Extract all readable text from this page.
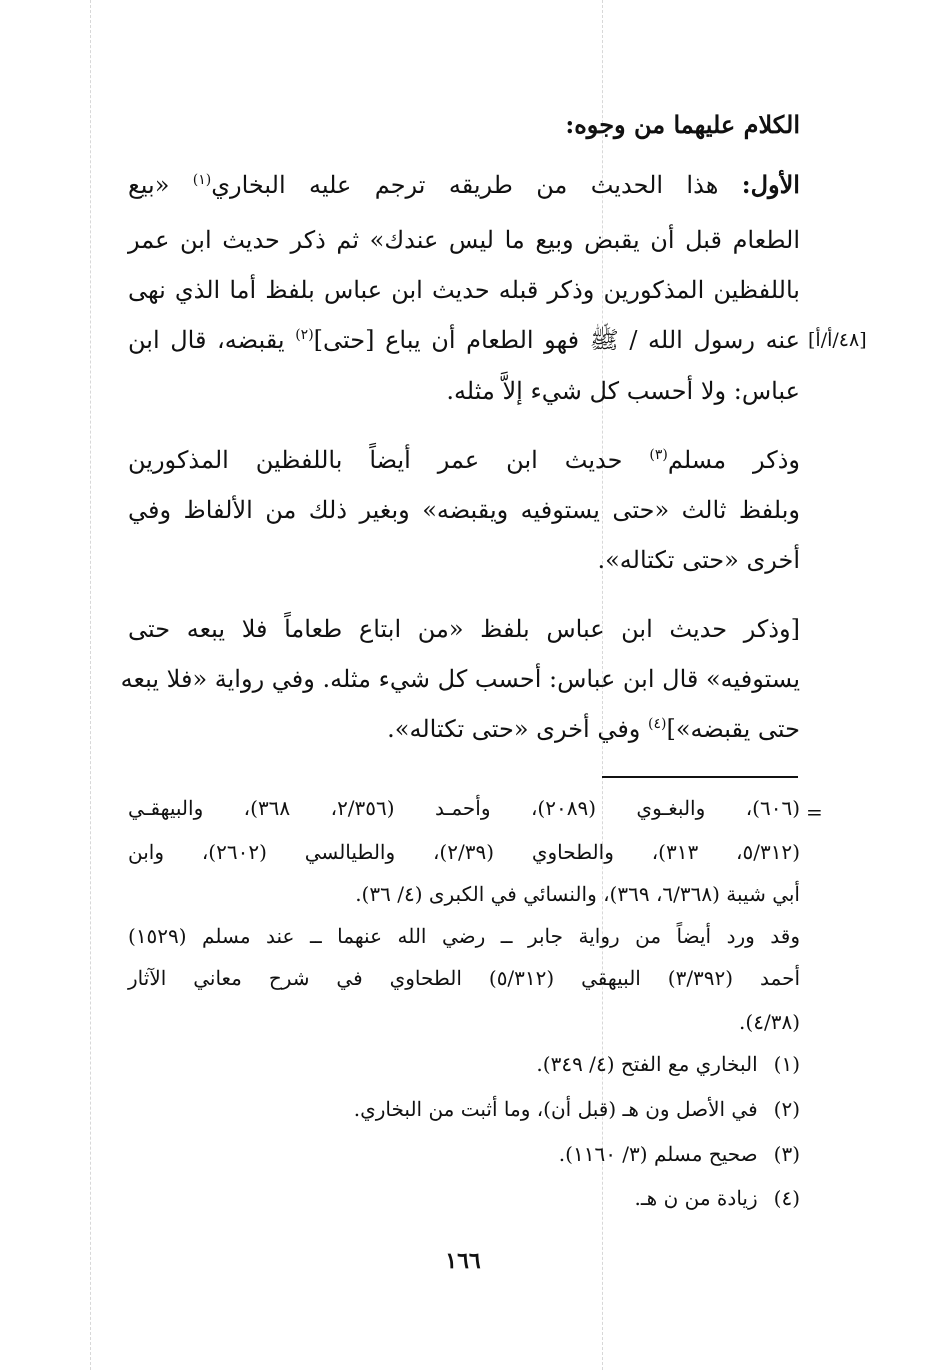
الكلام عليهما من وجوه:
الأول: هذا الحديث من طريقه ترجم عليه البخاري$^{(١)}$ «بيع
الطعام قبل أن يقبض وبيع ما ليس عندك» ثم ذكر حديث ابن عمر
باللفظين المذكورين وذكر قبله حديث ابن عباس بلفظ أما الذي نهى
عنه رسول الله / ﷺ فهو الطعام أن يباع [حتى]$^{(٢)}$ يقبضه، قال ابن
عباس: ولا أحسب كل شيء إلاَّ مثله.
[٤٨/أ/أ]
وذكر مسلم$^{(٣)}$ حديث ابن عمر أيضاً باللفظين المذكورين
وبلفظ ثالث «حتى يستوفيه ويقبضه» وبغير ذلك من الألفاظ وفي
أخرى «حتى تكتاله».
[وذكر حديث ابن عباس بلفظ «من ابتاع طعاماً فلا يبعه حتى
يستوفيه» قال ابن عباس: أحسب كل شيء مثله. وفي رواية «فلا يبعه
حتى يقبضه»]$^{(٤)}$ وفي أخرى «حتى تكتاله».
=
(٦٠٦)، والبغـوي (٢٠٨٩)، وأحمـد (٢/٣٥٦، ٣٦٨)، والبيهقـي
(٥/٣١٢، ٣١٣)، والطحاوي (٢/٣٩)، والطيالسي (٢٦٠٢)، وابن
أبي شيبة (٦/٣٦٨، ٣٦٩)، والنسائي في الكبرى (٤/ ٣٦).
وقد ورد أيضاً من رواية جابر ــ رضي الله عنهما ــ عند مسلم (١٥٢٩)
أحمد (٣/٣٩٢) البيهقي (٥/٣١٢) الطحاوي في شرح معاني الآثار
(٤/٣٨).
(١) البخاري مع الفتح (٤/ ٣٤٩).
(٢) في الأصل ون هـ (قبل أن)، وما أثبت من البخاري.
(٣) صحيح مسلم (٣/ ١١٦٠).
(٤) زيادة من ن هـ.
١٦٦
